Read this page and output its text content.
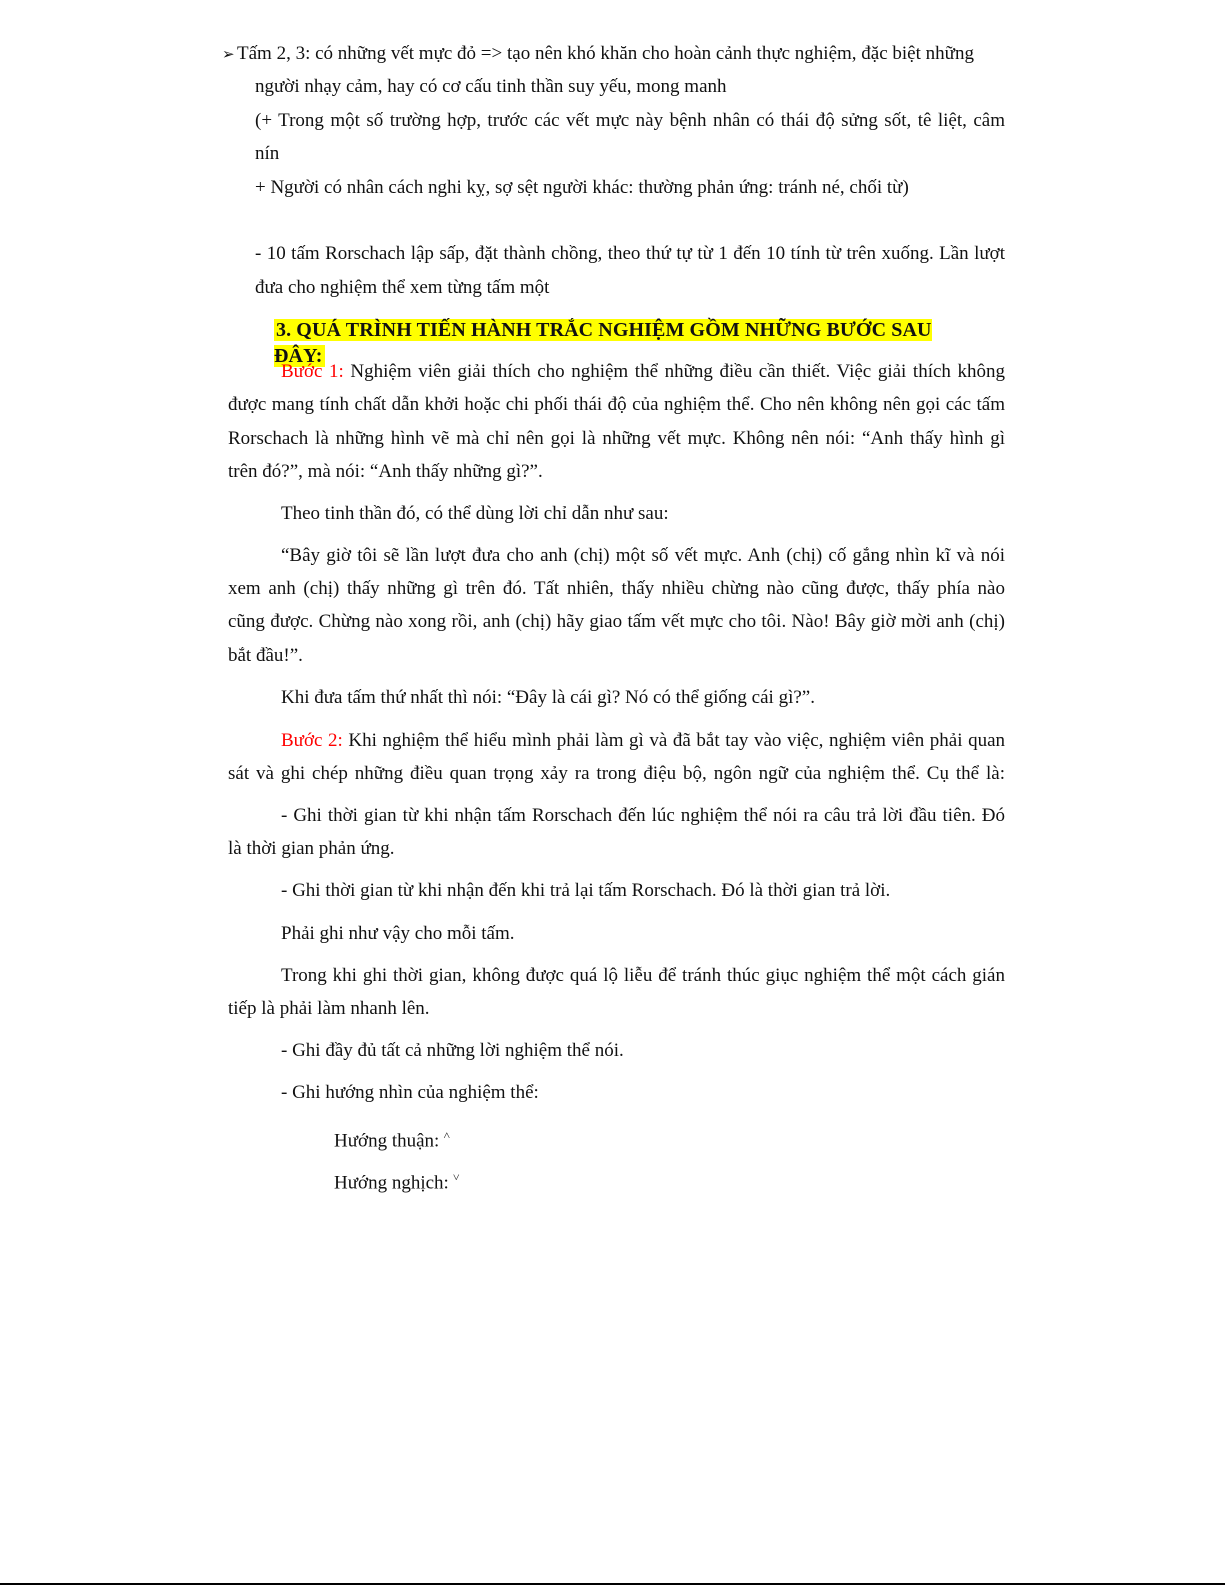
➢ Tấm 2, 3: có những vết mực đỏ => tạo nên khó khăn cho hoàn cảnh thực nghiệm, đặc biệt những
người nhạy cảm, hay có cơ cấu tinh thần suy yếu, mong manh
(+ Trong một số trường hợp, trước các vết mực này bệnh nhân có thái độ sửng sốt, tê liệt, câm
nín
+ Người có nhân cách nghi kỵ, sợ sệt người khác: thường phản ứng: tránh né, chối từ)
- 10 tấm Rorschach lập sấp, đặt thành chồng, theo thứ tự từ 1 đến 10 tính từ trên xuống. Lần lượt
đưa cho nghiệm thể xem từng tấm một
3. QUÁ TRÌNH TIẾN HÀNH TRẮC NGHIỆM GỒM NHỮNG BƯỚC SAU ĐÂY:
Bước 1: Nghiệm viên giải thích cho nghiệm thể những điều cần thiết. Việc giải thích không
được mang tính chất dẫn khởi hoặc chi phối thái độ của nghiệm thể. Cho nên không nên gọi các tấm
Rorschach là những hình vẽ mà chỉ nên gọi là những vết mực. Không nên nói: “Anh thấy hình gì
trên đó?”, mà nói: “Anh thấy những gì?”.
Theo tinh thần đó, có thể dùng lời chỉ dẫn như sau:
“Bây giờ tôi sẽ lần lượt đưa cho anh (chị) một số vết mực. Anh (chị) cố gắng nhìn kĩ và nói
xem anh (chị) thấy những gì trên đó. Tất nhiên, thấy nhiều chừng nào cũng được, thấy phía nào
cũng được. Chừng nào xong rồi, anh (chị) hãy giao tấm vết mực cho tôi. Nào! Bây giờ mời anh (chị)
bắt đầu!”.
Khi đưa tấm thứ nhất thì nói: “Đây là cái gì? Nó có thể giống cái gì?”.
Bước 2: Khi nghiệm thể hiểu mình phải làm gì và đã bắt tay vào việc, nghiệm viên phải quan
sát và ghi chép những điều quan trọng xảy ra trong điệu bộ, ngôn ngữ của nghiệm thể. Cụ thể là:
- Ghi thời gian từ khi nhận tấm Rorschach đến lúc nghiệm thể nói ra câu trả lời đầu tiên. Đó
là thời gian phản ứng.
- Ghi thời gian từ khi nhận đến khi trả lại tấm Rorschach. Đó là thời gian trả lời.
Phải ghi như vậy cho mỗi tấm.
Trong khi ghi thời gian, không được quá lộ liễu để tránh thúc giục nghiệm thể một cách gián
tiếp là phải làm nhanh lên.
- Ghi đầy đủ tất cả những lời nghiệm thể nói.
- Ghi hướng nhìn của nghiệm thể:
Hướng thuận: ˄
Hướng nghịch: ˅
